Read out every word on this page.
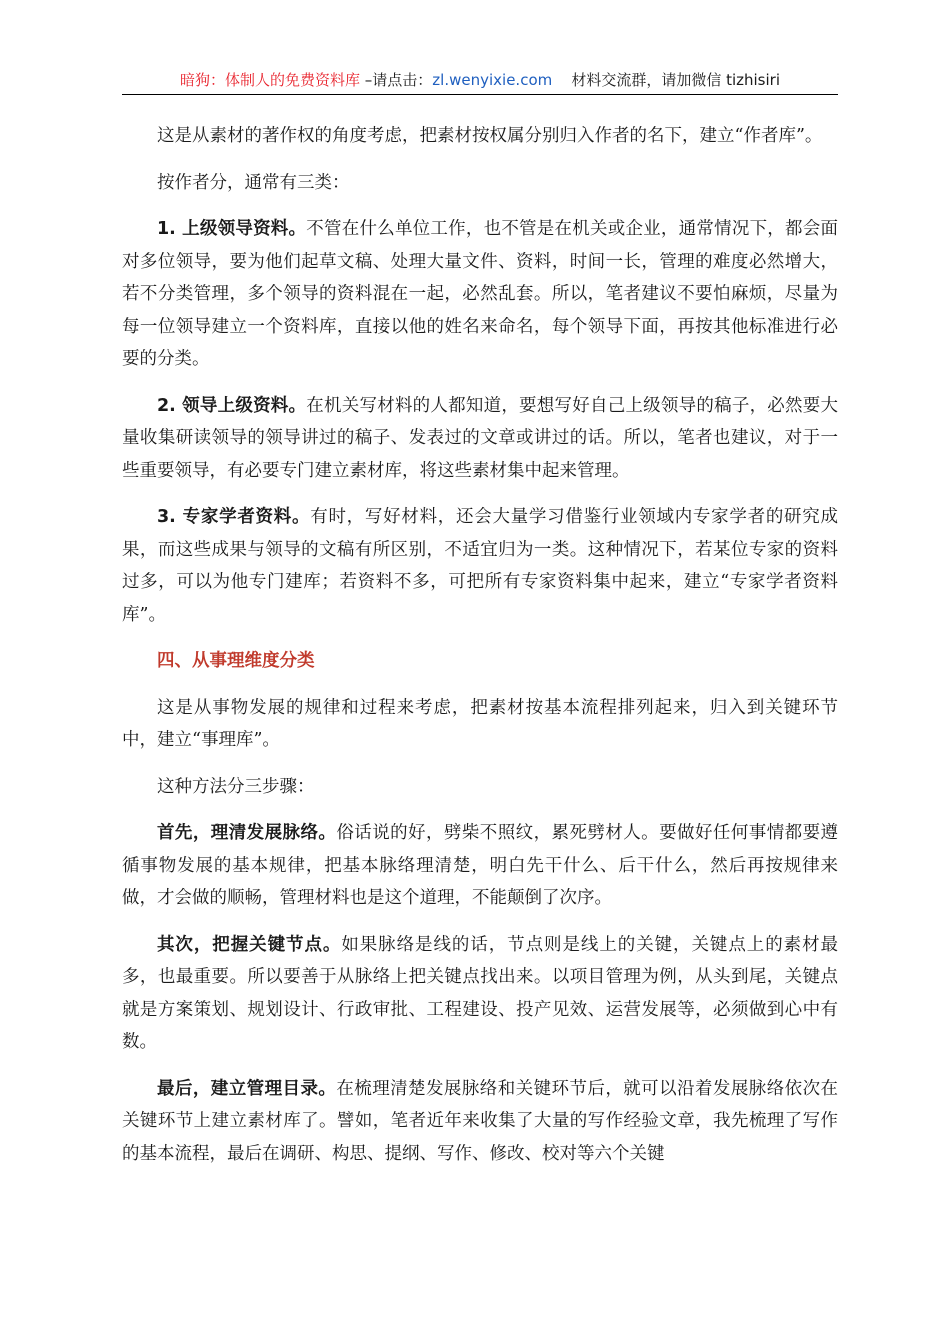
暗狗：体制人的免费资料库 –请点击：zl.wenyixie.com 材料交流群，请加微信 tizhisiri

这是从素材的著作权的角度考虑，把素材按权属分别归入作者的名下，建立“作者库”。

按作者分，通常有三类：

1. 上级领导资料。不管在什么单位工作，也不管是在机关或企业，通常情况下，都会面对多位领导，要为他们起草文稿、处理大量文件、资料，时间一长，管理的难度必然增大，若不分类管理，多个领导的资料混在一起，必然乱套。所以，笔者建议不要怕麻烦，尽量为每一位领导建立一个资料库，直接以他的姓名来命名，每个领导下面，再按其他标准进行必要的分类。

2. 领导上级资料。在机关写材料的人都知道，要想写好自己上级领导的稿子，必然要大量收集研读领导的领导讲过的稿子、发表过的文章或讲过的话。所以，笔者也建议，对于一些重要领导，有必要专门建立素材库，将这些素材集中起来管理。

3. 专家学者资料。有时，写好材料，还会大量学习借鉴行业领域内专家学者的研究成果，而这些成果与领导的文稿有所区别，不适宜归为一类。这种情况下，若某位专家的资料过多，可以为他专门建库；若资料不多，可把所有专家资料集中起来，建立“专家学者资料库”。

四、从事理维度分类

这是从事物发展的规律和过程来考虑，把素材按基本流程排列起来，归入到关键环节中，建立“事理库”。

这种方法分三步骤：

首先，理清发展脉络。俗话说的好，劈柴不照纹，累死劈材人。要做好任何事情都要遵循事物发展的基本规律，把基本脉络理清楚，明白先干什么、后干什么，然后再按规律来做，才会做的顺畅，管理材料也是这个道理，不能颠倒了次序。

其次，把握关键节点。如果脉络是线的话，节点则是线上的关键，关键点上的素材最多，也最重要。所以要善于从脉络上把关键点找出来。以项目管理为例，从头到尾，关键点就是方案策划、规划设计、行政审批、工程建设、投产见效、运营发展等，必须做到心中有数。

最后，建立管理目录。在梳理清楚发展脉络和关键环节后，就可以沿着发展脉络依次在关键环节上建立素材库了。譬如，笔者近年来收集了大量的写作经验文章，我先梳理了写作的基本流程，最后在调研、构思、提纲、写作、修改、校对等六个关键
